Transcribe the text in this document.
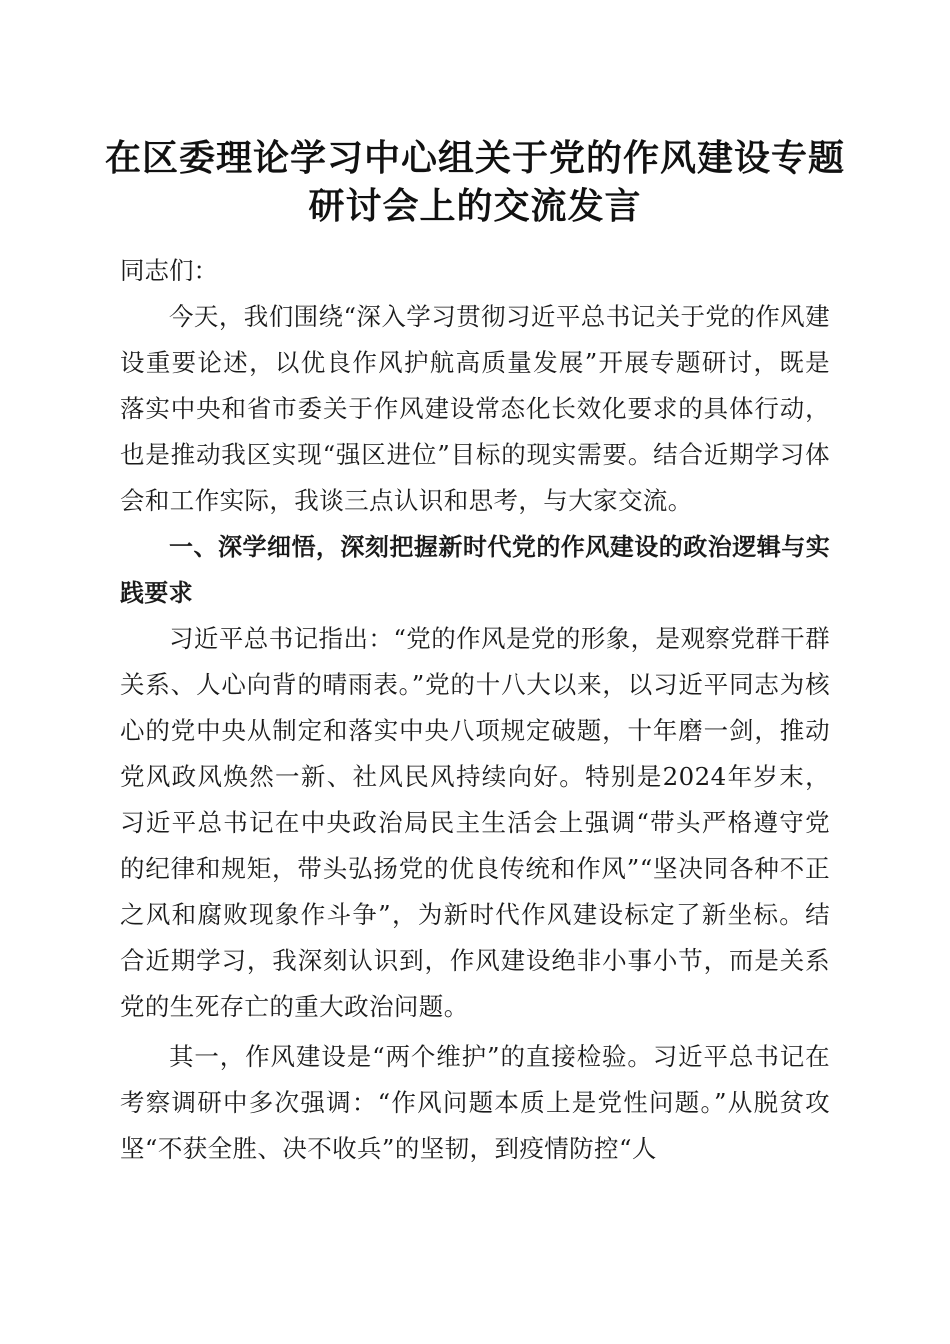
在区委理论学习中心组关于党的作风建设专题
研讨会上的交流发言

同志们：

今天，我们围绕“深入学习贯彻习近平总书记关于党的作风建设重要论述，以优良作风护航高质量发展”开展专题研讨，既是落实中央和省市委关于作风建设常态化长效化要求的具体行动，也是推动我区实现“强区进位”目标的现实需要。结合近期学习体会和工作实际，我谈三点认识和思考，与大家交流。

一、深学细悟，深刻把握新时代党的作风建设的政治逻辑与实践要求

习近平总书记指出：“党的作风是党的形象，是观察党群干群关系、人心向背的晴雨表。”党的十八大以来，以习近平同志为核心的党中央从制定和落实中央八项规定破题，十年磨一剑，推动党风政风焕然一新、社风民风持续向好。特别是2024年岁末，习近平总书记在中央政治局民主生活会上强调“带头严格遵守党的纪律和规矩，带头弘扬党的优良传统和作风”“坚决同各种不正之风和腐败现象作斗争”，为新时代作风建设标定了新坐标。结合近期学习，我深刻认识到，作风建设绝非小事小节，而是关系党的生死存亡的重大政治问题。

其一，作风建设是“两个维护”的直接检验。习近平总书记在考察调研中多次强调：“作风问题本质上是党性问题。”从脱贫攻坚“不获全胜、决不收兵”的坚韧，到疫情防控“人
